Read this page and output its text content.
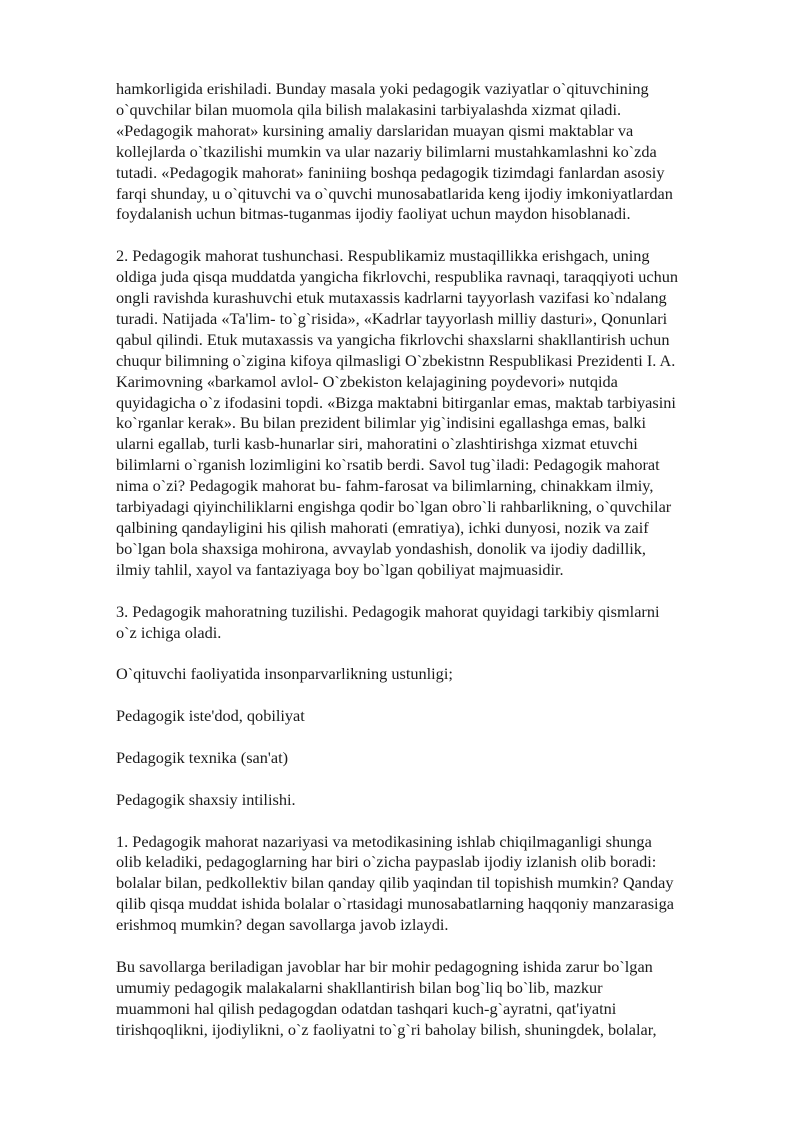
hamkorligida erishiladi. Bunday masala yoki pedagogik vaziyatlar o`qituvchining
o`quvchilar bilan muomola qila bilish malakasini tarbiyalashda xizmat qiladi.
«Pedagogik mahorat» kursining amaliy darslaridan muayan qismi maktablar va
kollejlarda o`tkazilishi mumkin va ular nazariy bilimlarni mustahkamlashni ko`zda
tutadi. «Pedagogik mahorat» faniniing boshqa pedagogik tizimdagi fanlardan asosiy
farqi shunday, u o`qituvchi va o`quvchi munosabatlarida keng ijodiy imkoniyatlardan
foydalanish uchun bitmas-tuganmas ijodiy faoliyat uchun maydon hisoblanadi.

2. Pedagogik mahorat tushunchasi. Respublikamiz mustaqillikka erishgach, uning
oldiga juda qisqa muddatda yangicha fikrlovchi, respublika ravnaqi, taraqqiyoti uchun
ongli ravishda kurashuvchi etuk mutaxassis kadrlarni tayyorlash vazifasi ko`ndalang
turadi. Natijada «Ta'lim- to`g`risida», «Kadrlar tayyorlash milliy dasturi», Qonunlari
qabul qilindi. Etuk mutaxassis va yangicha fikrlovchi shaxslarni shakllantirish uchun
chuqur bilimning o`zigina kifoya qilmasligi O`zbekistnn Respublikasi Prezidenti I. A.
Karimovning «barkamol avlol- O`zbekiston kelajagining poydevori» nutqida
quyidagicha o`z ifodasini topdi. «Bizga maktabni bitirganlar emas, maktab tarbiyasini
ko`rganlar kerak». Bu bilan prezident bilimlar yig`indisini egallashga emas, balki
ularni egallab, turli kasb-hunarlar siri, mahoratini o`zlashtirishga xizmat etuvchi
bilimlarni o`rganish lozimligini ko`rsatib berdi. Savol tug`iladi: Pedagogik mahorat
nima o`zi? Pedagogik mahorat bu- fahm-farosat va bilimlarning, chinakkam ilmiy,
tarbiyadagi qiyinchiliklarni engishga qodir bo`lgan obro`li rahbarlikning, o`quvchilar
qalbining qandayligini his qilish mahorati (emratiya), ichki dunyosi, nozik va zaif
bo`lgan bola shaxsiga mohirona, avvaylab yondashish, donolik va ijodiy dadillik,
ilmiy tahlil, xayol va fantaziyaga boy bo`lgan qobiliyat majmuasidir.

3. Pedagogik mahoratning tuzilishi. Pedagogik mahorat quyidagi tarkibiy qismlarni
o`z ichiga oladi.

O`qituvchi faoliyatida insonparvarlikning ustunligi;

Pedagogik iste'dod, qobiliyat

Pedagogik texnika (san'at)

Pedagogik shaxsiy intilishi.

1. Pedagogik mahorat nazariyasi va metodikasining ishlab chiqilmaganligi shunga
olib keladiki, pedagoglarning har biri o`zicha paypaslab ijodiy izlanish olib boradi:
bolalar bilan, pedkollektiv bilan qanday qilib yaqindan til topishish mumkin? Qanday
qilib qisqa muddat ishida bolalar o`rtasidagi munosabatlarning haqqoniy manzarasiga
erishmoq mumkin? degan savollarga javob izlaydi.

Bu savollarga beriladigan javoblar har bir mohir pedagogning ishida zarur bo`lgan
umumiy pedagogik malakalarni shakllantirish bilan bog`liq bo`lib, mazkur
muammoni hal qilish pedagogdan odatdan tashqari kuch-g`ayratni, qat'iyatni
tirishqoqlikni, ijodiylikni, o`z faoliyatni to`g`ri baholay bilish, shuningdek, bolalar,
